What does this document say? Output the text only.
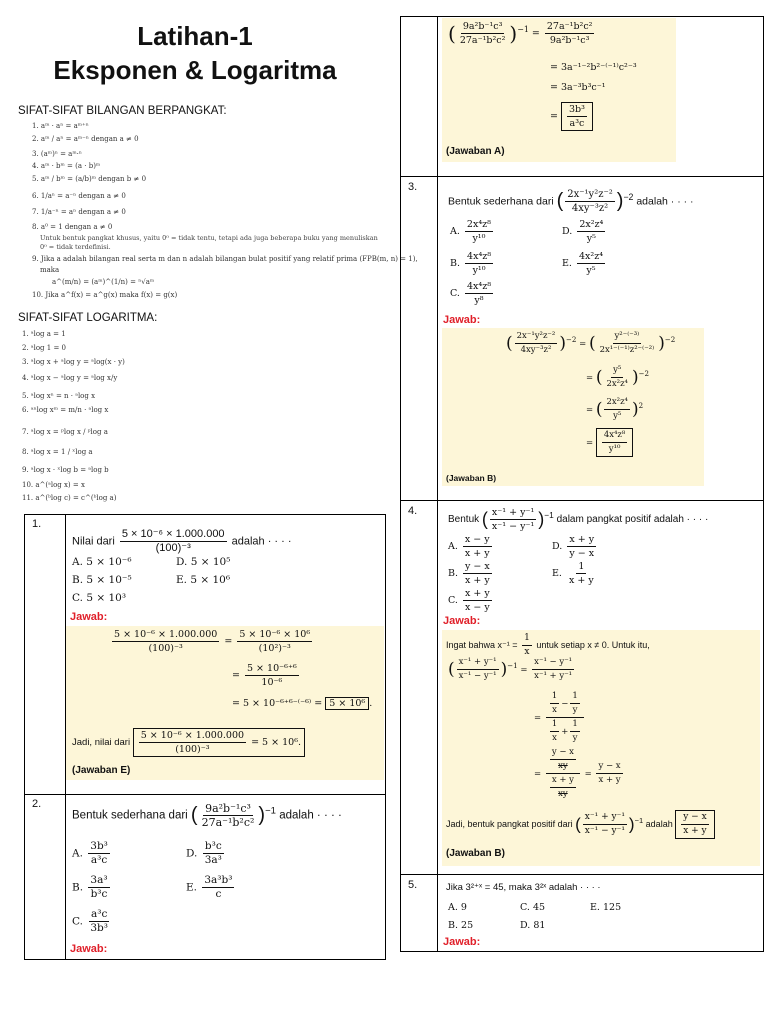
Latihan-1
Eksponen & Logaritma
SIFAT-SIFAT BILANGAN BERPANGKAT:
1. aᵐ · aⁿ = aᵐ⁺ⁿ
2. aᵐ / aⁿ = aᵐ⁻ⁿ dengan a ≠ 0
3. (aᵐ)ⁿ = aᵐ·ⁿ
4. aᵐ · bᵐ = (a · b)ᵐ
5. aᵐ / bᵐ = (a/b)ᵐ dengan b ≠ 0
6. 1/aⁿ = a⁻ⁿ dengan a ≠ 0
7. 1/a⁻ⁿ = aⁿ dengan a ≠ 0
8. a⁰ = 1 dengan a ≠ 0
Untuk bentuk pangkat khusus, yaitu 0⁰ = tidak tentu, tetapi ada juga beberapa buku yang menuliskan
0⁰ = tidak terdefinisi.
9. Jika a adalah bilangan real serta m dan n adalah bilangan bulat positif yang relatif prima (FPB(m, n) = 1),
maka
a^(m/n) = (aᵐ)^(1/n) = ⁿ√aᵐ
10. Jika a^f(x) = a^g(x) maka f(x) = g(x)
SIFAT-SIFAT LOGARITMA:
1. ᵃlog a = 1
2. ᵃlog 1 = 0
3. ᵃlog x + ᵃlog y = ᵃlog(x · y)
4. ᵃlog x − ᵃlog y = ᵃlog x/y
5. ᵃlog xⁿ = n · ᵃlog x
6. ᵃⁿlog xᵐ = m/n · ᵃlog x
7. ᵃlog x = ᵖlog x / ᵖlog a
8. ᵃlog x = 1 / ˣlog a
9. ᵃlog x · ˣlog b = ᵃlog b
10. a^(ᵃlog x) = x
11. a^(ᵇlog c) = c^(ᵇlog a)
1.
Nilai dari $\frac{\text{5 × 10⁻⁶ × 1.000.000}}{\text{(100)⁻³}}$ adalah · · · ·
A. 5 × 10⁻⁶
B. 5 × 10⁻⁵
C. 5 × 10³
D. 5 × 10⁵
E. 5 × 10⁶
Jawab:
$\frac{\text{5 × 10⁻⁶ × 1.000.000}}{\text{(100)⁻³}} = \frac{\text{5 × 10⁻⁶ × 10⁶}}{\text{(10²)⁻³}}$
= $\frac{\text{5 × 10⁻⁶⁺⁶}}{\text{10⁻⁶}}$
= 5 × 10⁻⁶⁺⁶⁻⁽⁻⁶⁾ = 5 × 10⁶ .
Jadi, nilai dari $\frac{\text{5 × 10⁻⁶ × 1.000.000}}{\text{(100)⁻³}} = 5 \times 10^6$.
(Jawaban E)
2.
Bentuk sederhana dari ( $\frac{\text{9a²b⁻¹c³}}{\text{27a⁻¹b²c²}} )^{-1}$ adalah · · · ·
A. $\frac{\text{3b³}}{\text{a³c}}$
B. $\frac{\text{3a³}}{\text{b³c}}$
C. $\frac{\text{a³c}}{\text{3b³}}$
D. $\frac{\text{b³c}}{\text{3a³}}$
E. $\frac{\text{3a³b³}}{c}$
Jawab:
( $\frac{\text{9a²b⁻¹c³}}{\text{27a⁻¹b²c²}} )^{-1} = \frac{\text{27a⁻¹b²c²}}{\text{9a²b⁻¹c³}}$
= 3a⁻¹⁻²b²⁻⁽⁻¹⁾c²⁻³
= 3a⁻³b³c⁻¹
= $\frac{\text{3b³}}{\text{a³c}}$
(Jawaban A)
3.
Bentuk sederhana dari ( $\frac{\text{2x⁻¹y²z⁻²}}{\text{4xy⁻³z²}} )^{-2}$ adalah · · · ·
A. $\frac{\text{2x⁴z⁸}}{\text{y¹⁰}}$
B. $\frac{\text{4x⁴z⁸}}{\text{y¹⁰}}$
C. $\frac{\text{4x⁴z⁸}}{\text{y⁸}}$
D. $\frac{\text{2x²z⁴}}{\text{y⁵}}$
E. $\frac{\text{4x²z⁴}}{\text{y⁵}}$
Jawab:
( $\frac{\text{2x⁻¹y²z⁻²}}{\text{4xy⁻³z²}} )^{-2}$ = ( $\frac{\text{y²⁻⁽⁻³⁾}}{\text{2x¹⁻⁽⁻¹⁾z²⁻⁽⁻²⁾}} )^{-2}$
= ( $\frac{\text{y⁵}}{\text{2x²z⁴}} )^{-2}$
= ( $\frac{\text{2x²z⁴}}{\text{y⁵}} )^2$
= $\frac{\text{4x⁴z⁸}}{\text{y¹⁰}}$
(Jawaban B)
4.
Bentuk ( $\frac{\text{x⁻¹ + y⁻¹}}{\text{x⁻¹ − y⁻¹}} )^{-1}$ dalam pangkat positif adalah · · · ·
A. $\frac{x - y}{x + y}$
B. $\frac{y - x}{x + y}$
C. $\frac{x + y}{x - y}$
D. $\frac{x + y}{y - x}$
E. $\frac{1}{x + y}$
Jawab:
Ingat bahwa $x^{-1} = \frac{1}{x}$ untuk setiap x ≠ 0. Untuk itu,
( $\frac{\text{x⁻¹ + y⁻¹}}{\text{x⁻¹ − y⁻¹}} )^{-1} = \frac{\text{x⁻¹ − y⁻¹}}{\text{x⁻¹ + y⁻¹}}$
= $\frac{\frac{1}{x} - \frac{1}{y}}{\frac{1}{x} + \frac{1}{y}}$
= $\frac{\frac{y - x}{xy}}{\frac{x + y}{xy}} = \frac{y - x}{x + y}$
Jadi, bentuk pangkat positif dari ( $\frac{\text{x⁻¹ + y⁻¹}}{\text{x⁻¹ − y⁻¹}} )^{-1}$ adalah $\frac{y - x}{x + y}$
(Jawaban B)
5.	Jika 3²⁺ˣ = 45, maka 3²ˣ adalah · · · ·
A. 9
B. 25
C. 45
D. 81
E. 125
Jawab:
